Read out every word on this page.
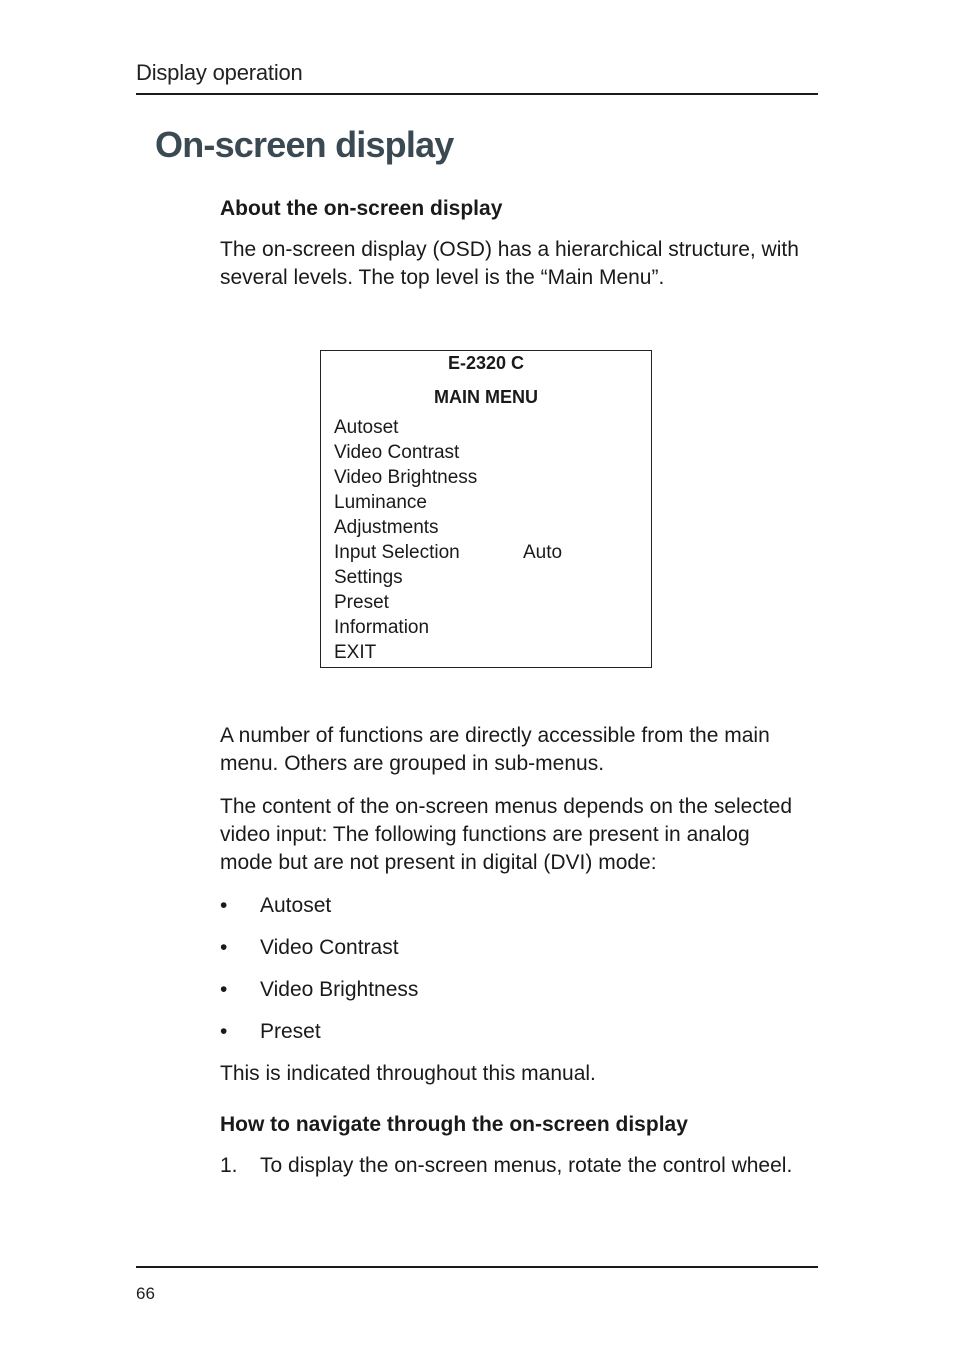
Display operation
On-screen display
About the on-screen display
The on-screen display (OSD) has a hierarchical structure, with
several levels. The top level is the “Main Menu”.
E-2320 C
MAIN MENU
Autoset
Video Contrast
Video Brightness
Luminance
Adjustments
Input Selection	Auto
Settings
Preset
Information
EXIT
A number of functions are directly accessible from the main
menu. Others are grouped in sub-menus.
The content of the on-screen menus depends on the selected
video input: The following functions are present in analog
mode but are not present in digital (DVI) mode:
• Autoset
• Video Contrast
• Video Brightness
• Preset
This is indicated throughout this manual.
How to navigate through the on-screen display
1. To display the on-screen menus, rotate the control wheel.
66
